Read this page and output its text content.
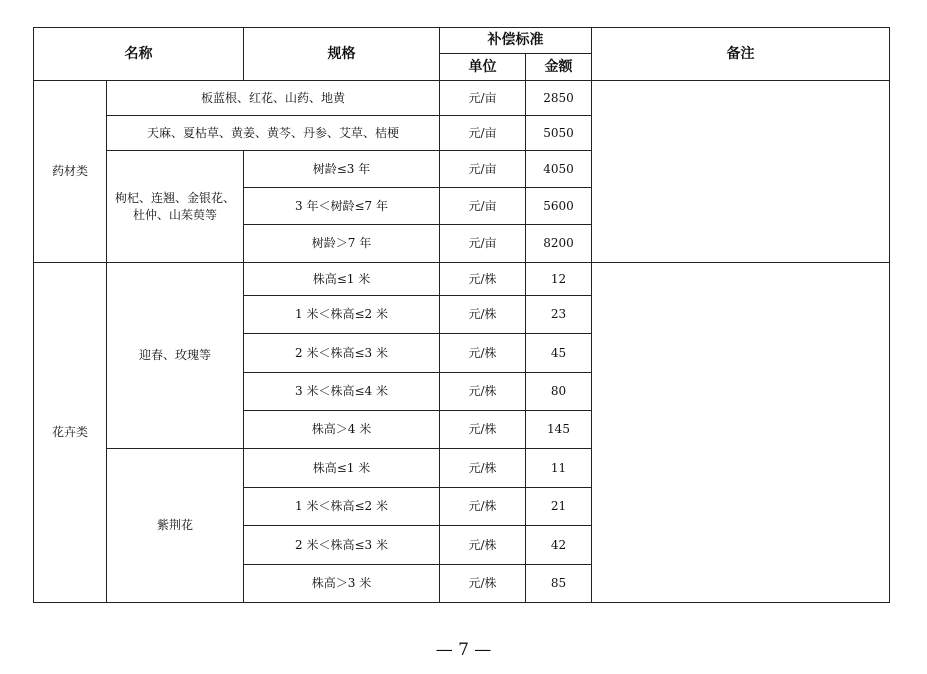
名称		规格	补偿标准		备注
			单位	金额	
药材类	板蓝根、红花、山药、地黄		元/亩	2850	
	天麻、夏枯草、黄姜、黄芩、丹参、艾草、桔梗		元/亩	5050	
	枸杞、连翘、金银花、杜仲、山茱萸等	树龄≤3 年	元/亩	4050	
		3 年＜树龄≤7 年	元/亩	5600	
		树龄＞7 年	元/亩	8200	
花卉类	迎春、玫瑰等	株高≤1 米	元/株	12	
		1 米＜株高≤2 米	元/株	23	
		2 米＜株高≤3 米	元/株	45	
		3 米＜株高≤4 米	元/株	80	
		株高＞4 米	元/株	145	
	紫荆花	株高≤1 米	元/株	11	
		1 米＜株高≤2 米	元/株	21	
		2 米＜株高≤3 米	元/株	42	
		株高＞3 米	元/株	85	
— 7 —
